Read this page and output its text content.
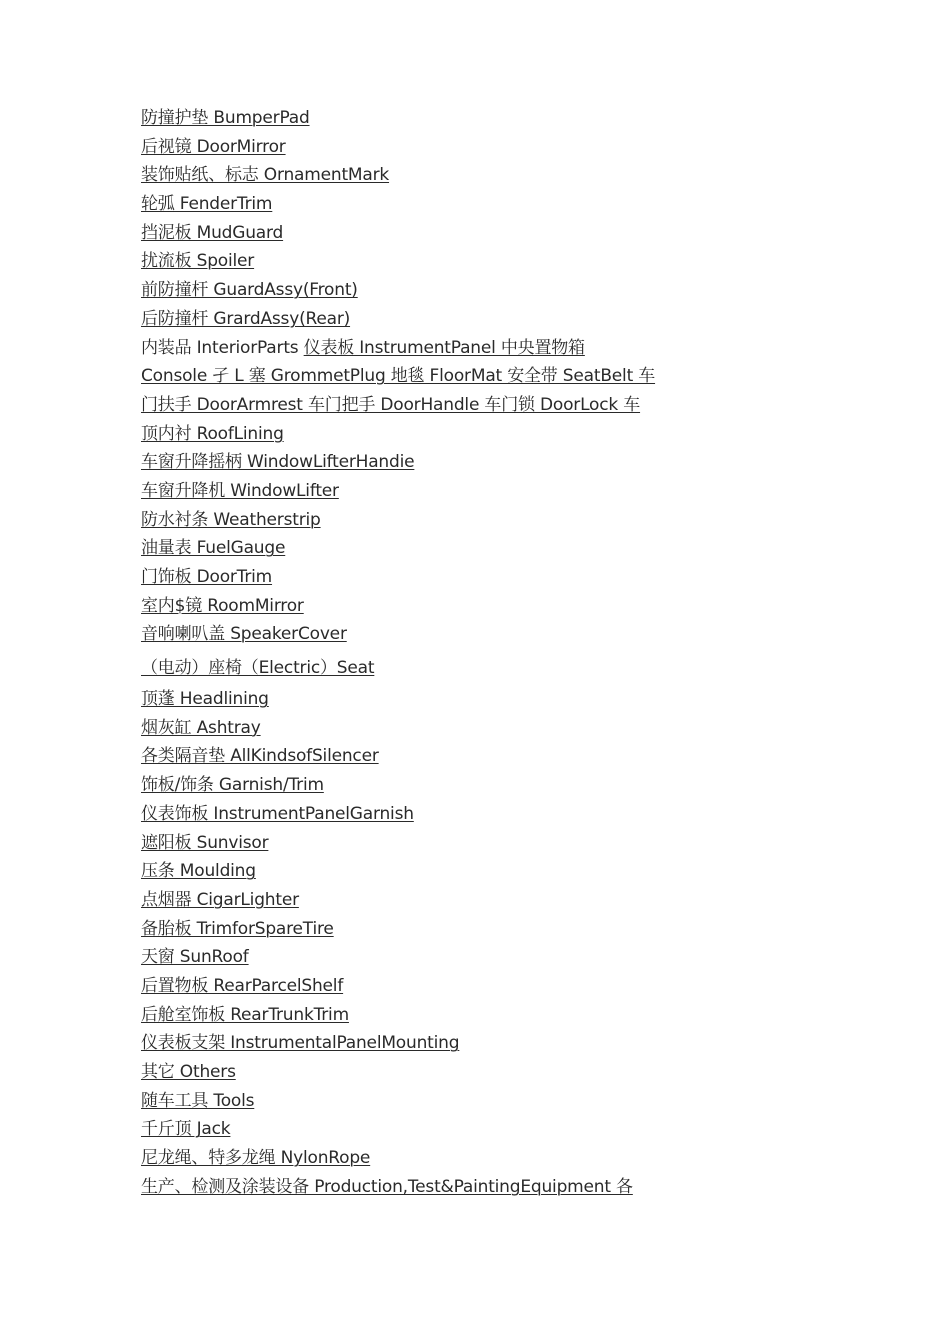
防撞护垫 BumperPad
后视镜 DoorMirror
装饰贴纸、标志 OrnamentMark
轮弧 FenderTrim
挡泥板 MudGuard
扰流板 Spoiler
前防撞杆 GuardAssy(Front)
后防撞杆 GrardAssy(Rear)
内装品 InteriorParts 仪表板 InstrumentPanel 中央置物箱
Console 孑 L 塞 GrommetPlug 地毯 FloorMat 安全带 SeatBelt 车
门扶手 DoorArmrest 车门把手 DoorHandle 车门锁 DoorLock 车
顶内衬 RoofLining
车窗升降摇柄 WindowLifterHandie
车窗升降机 WindowLifter
防水衬条 Weatherstrip
油量表 FuelGauge
门饰板 DoorTrim
室内$镜 RoomMirror
音响喇叭盖 SpeakerCover
（电动）座椅（Electric）Seat
顶蓬 Headlining
烟灰缸 Ashtray
各类隔音垫 AllKindsofSilencer
饰板/饰条 Garnish/Trim
仪表饰板 InstrumentPanelGarnish
遮阳板 Sunvisor
压条 Moulding
点烟器 CigarLighter
备胎板 TrimforSpareTire
天窗 SunRoof
后置物板 RearParcelShelf
后舱室饰板 RearTrunkTrim
仪表板支架 InstrumentalPanelMounting
其它 Others
随车工具 Tools
千斤顶 Jack
尼龙绳、特多龙绳 NylonRope
生产、检测及涂装设备 Production,Test&PaintingEquipment 各
